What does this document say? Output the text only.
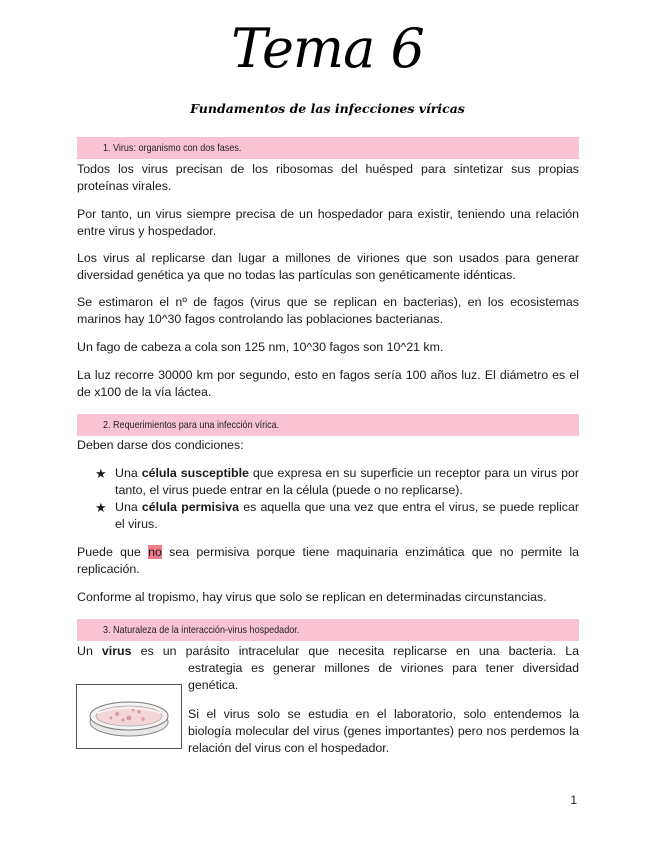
Tema 6
Fundamentos de las infecciones víricas
1. Virus: organismo con dos fases.
Todos los virus precisan de los ribosomas del huésped para sintetizar sus propias proteínas virales.
Por tanto, un virus siempre precisa de un hospedador para existir, teniendo una relación entre virus y hospedador.
Los virus al replicarse dan lugar a millones de viriones que son usados para generar diversidad genética ya que no todas las partículas son genéticamente idénticas.
Se estimaron el nº de fagos (virus que se replican en bacterias), en los ecosistemas marinos hay 10^30 fagos controlando las poblaciones bacterianas.
Un fago de cabeza a cola son 125 nm, 10^30 fagos son 10^21 km.
La luz recorre 30000 km por segundo, esto en fagos sería 100 años luz. El diámetro es el de x100 de la vía láctea.
2. Requerimientos para una infección vírica.
Deben darse dos condiciones:
★ Una célula susceptible que expresa en su superficie un receptor para un virus por tanto, el virus puede entrar en la célula (puede o no replicarse).
★ Una célula permisiva es aquella que una vez que entra el virus, se puede replicar el virus.
Puede que no sea permisiva porque tiene maquinaria enzimática que no permite la replicación.
Conforme al tropismo, hay virus que solo se replican en determinadas circunstancias.
3. Naturaleza de la interacción-virus hospedador.
Un virus es un parásito intracelular que necesita replicarse en una bacteria. La
estrategia es generar millones de viriones para tener diversidad genética.
Si el virus solo se estudia en el laboratorio, solo entendemos la biología molecular del virus (genes importantes) pero nos perdemos la relación del virus con el hospedador.
1
